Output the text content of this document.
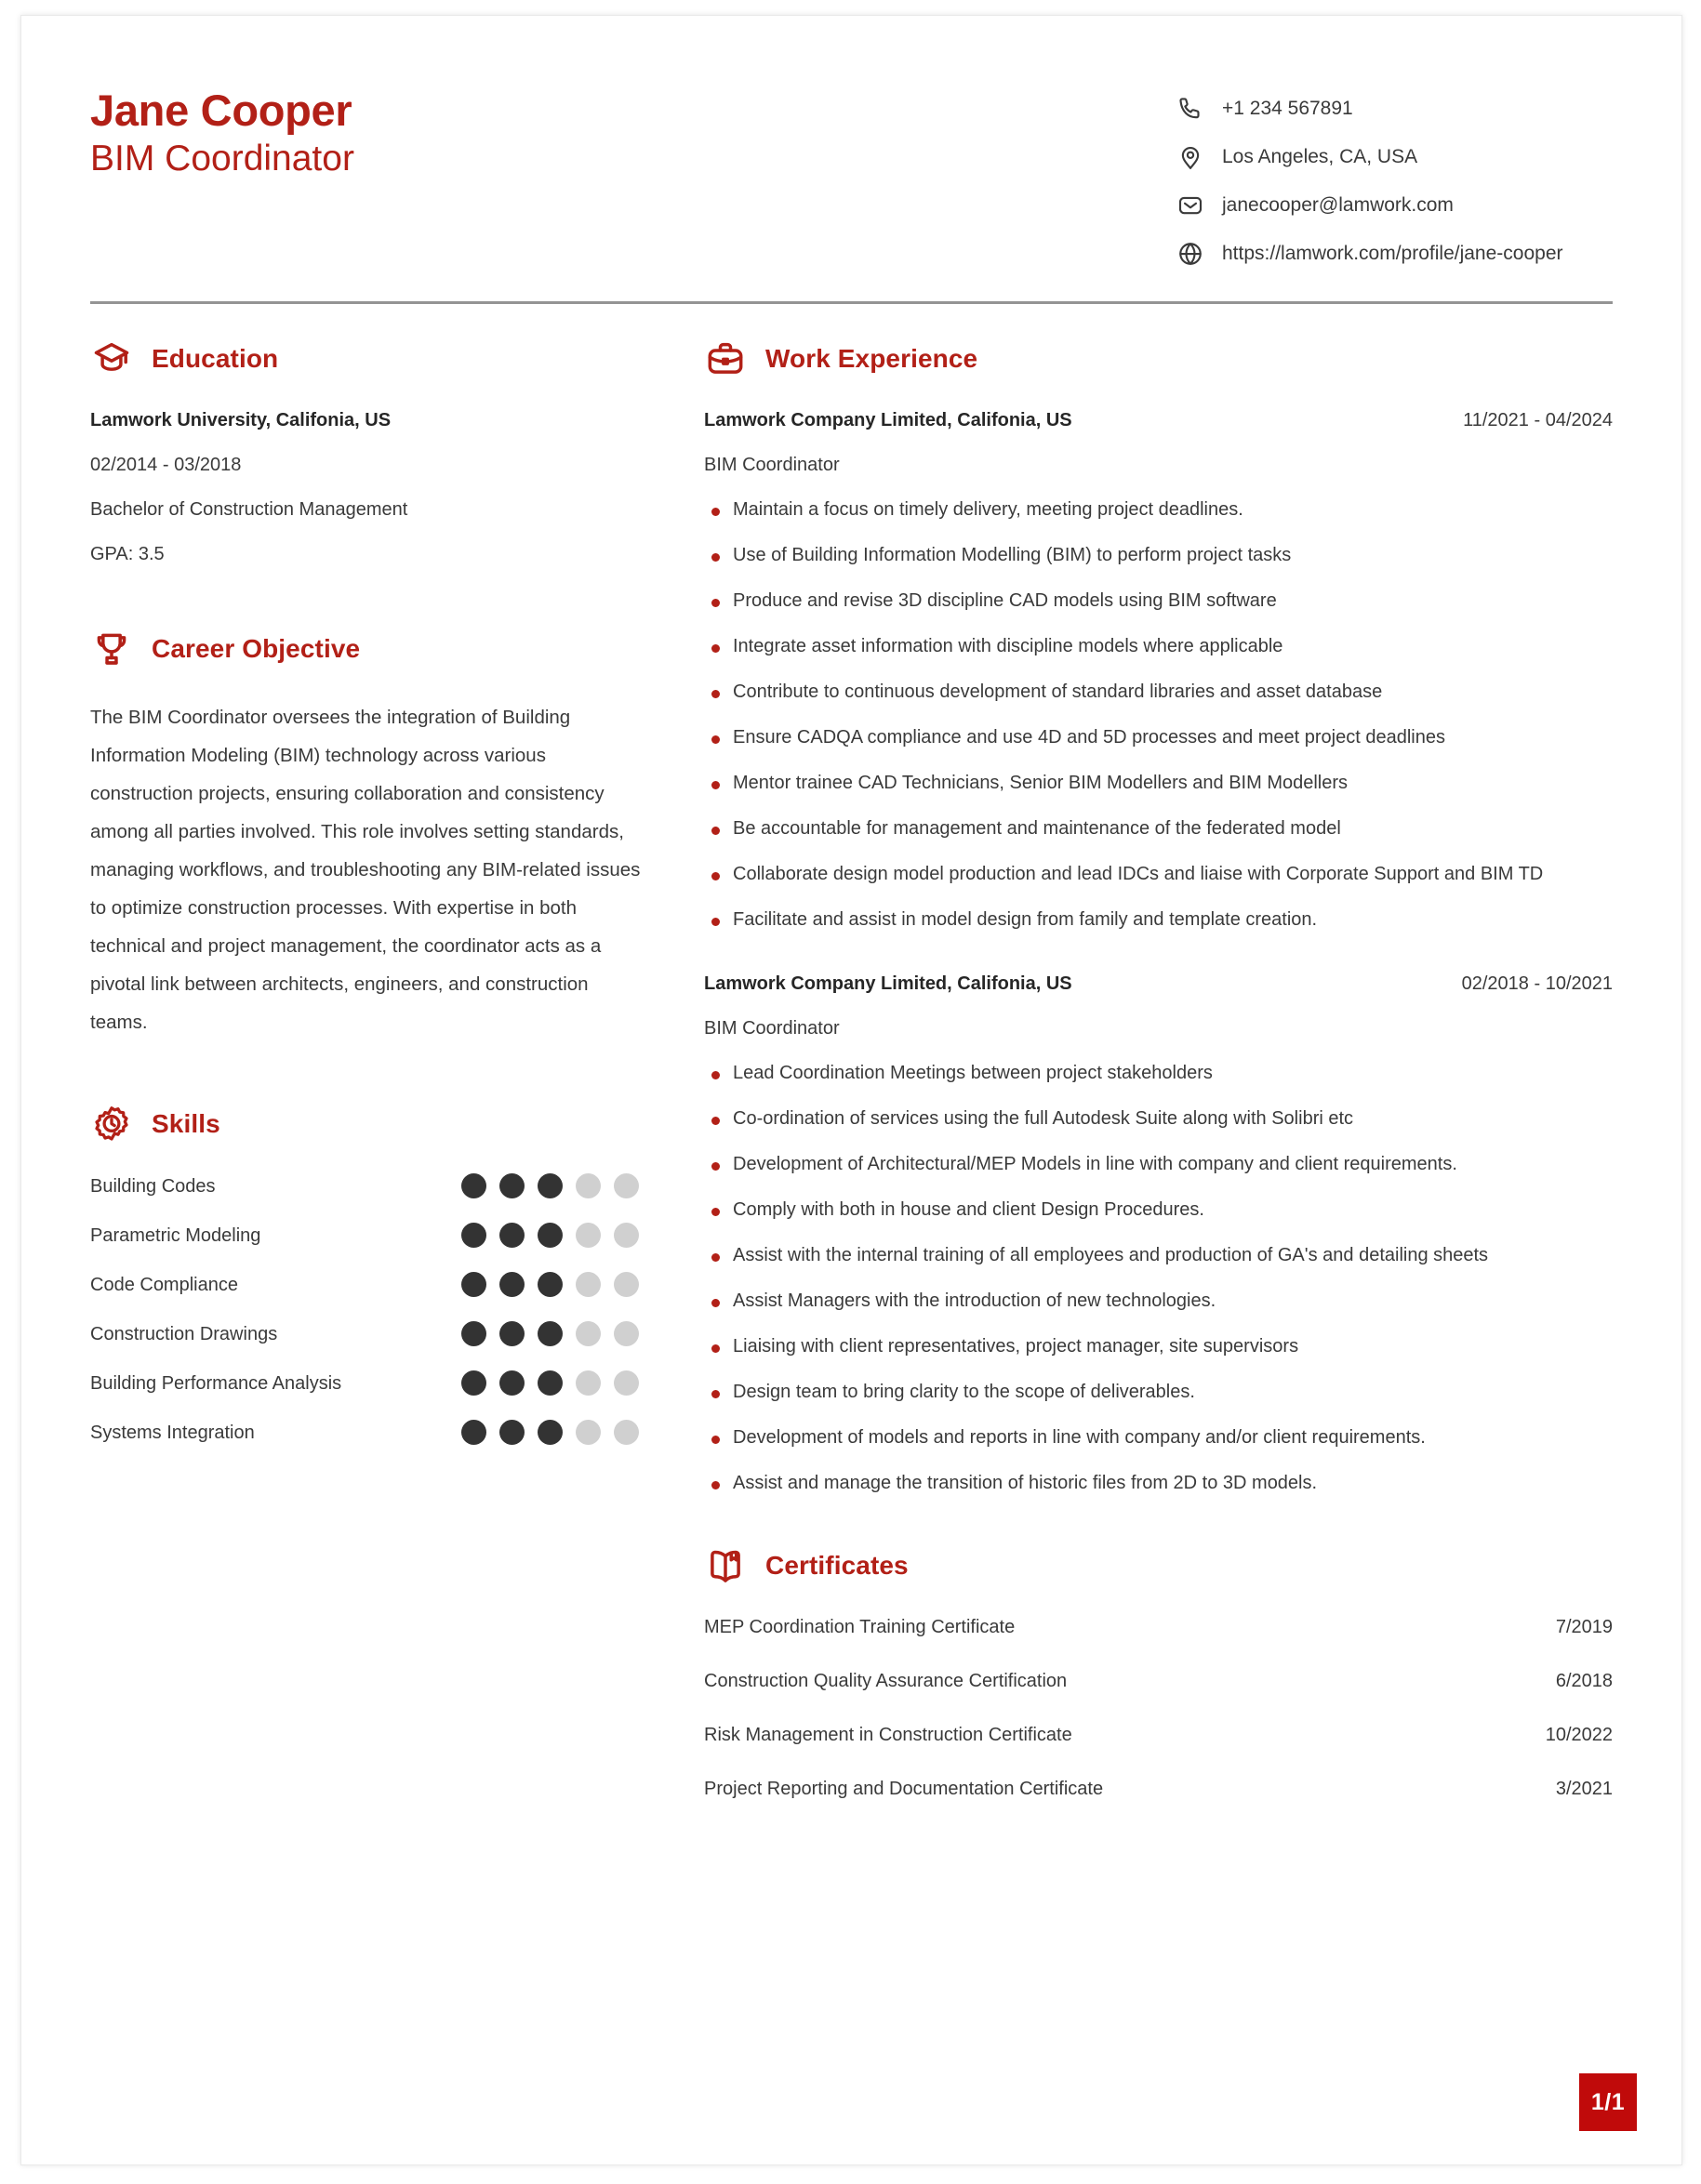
Jane Cooper
BIM Coordinator
+1 234 567891
Los Angeles, CA, USA
janecooper@lamwork.com
https://lamwork.com/profile/jane-cooper
Education
Lamwork University, Califonia, US
02/2014 - 03/2018
Bachelor of Construction Management
GPA: 3.5
Career Objective
The BIM Coordinator oversees the integration of Building Information Modeling (BIM) technology across various construction projects, ensuring collaboration and consistency among all parties involved. This role involves setting standards, managing workflows, and troubleshooting any BIM-related issues to optimize construction processes. With expertise in both technical and project management, the coordinator acts as a pivotal link between architects, engineers, and construction teams.
Skills
Building Codes
Parametric Modeling
Code Compliance
Construction Drawings
Building Performance Analysis
Systems Integration
Work Experience
Lamwork Company Limited, Califonia, US	11/2021 - 04/2024
BIM Coordinator
Maintain a focus on timely delivery, meeting project deadlines.
Use of Building Information Modelling (BIM) to perform project tasks
Produce and revise 3D discipline CAD models using BIM software
Integrate asset information with discipline models where applicable
Contribute to continuous development of standard libraries and asset database
Ensure CADQA compliance and use 4D and 5D processes and meet project deadlines
Mentor trainee CAD Technicians, Senior BIM Modellers and BIM Modellers
Be accountable for management and maintenance of the federated model
Collaborate design model production and lead IDCs and liaise with Corporate Support and BIM TD
Facilitate and assist in model design from family and template creation.
Lamwork Company Limited, Califonia, US	02/2018 - 10/2021
BIM Coordinator
Lead Coordination Meetings between project stakeholders
Co-ordination of services using the full Autodesk Suite along with Solibri etc
Development of Architectural/MEP Models in line with company and client requirements.
Comply with both in house and client Design Procedures.
Assist with the internal training of all employees and production of GA's and detailing sheets
Assist Managers with the introduction of new technologies.
Liaising with client representatives, project manager, site supervisors
Design team to bring clarity to the scope of deliverables.
Development of models and reports in line with company and/or client requirements.
Assist and manage the transition of historic files from 2D to 3D models.
Certificates
MEP Coordination Training Certificate	7/2019
Construction Quality Assurance Certification	6/2018
Risk Management in Construction Certificate	10/2022
Project Reporting and Documentation Certificate	3/2021
1/1
